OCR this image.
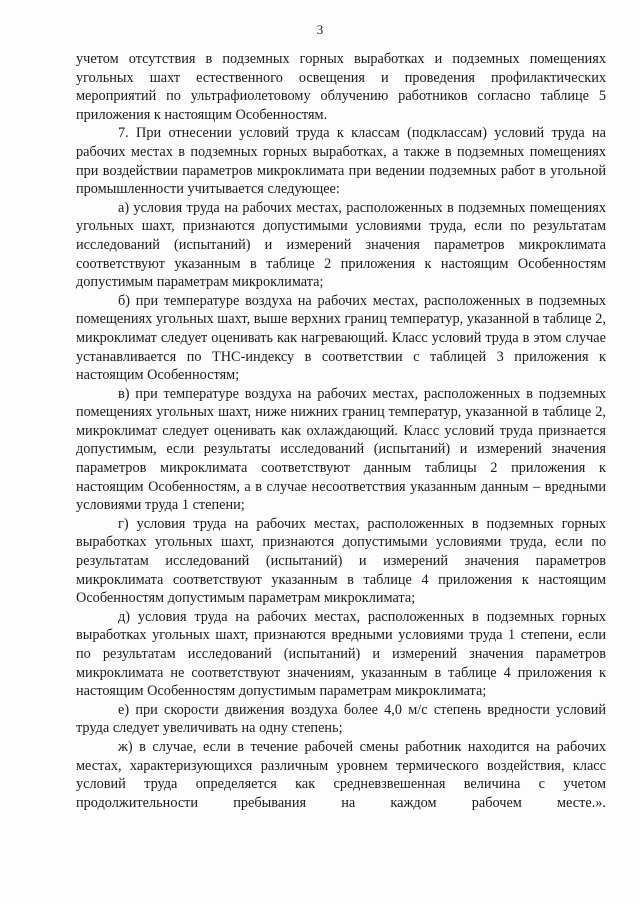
3

учетом отсутствия в подземных горных выработках и подземных помещениях угольных шахт естественного освещения и проведения профилактических мероприятий по ультрафиолетовому облучению работников согласно таблице 5 приложения к настоящим Особенностям.

7. При отнесении условий труда к классам (подклассам) условий труда на рабочих местах в подземных горных выработках, а также в подземных помещениях при воздействии параметров микроклимата при ведении подземных работ в угольной промышленности учитывается следующее:

а) условия труда на рабочих местах, расположенных в подземных помещениях угольных шахт, признаются допустимыми условиями труда, если по результатам исследований (испытаний) и измерений значения параметров микроклимата соответствуют указанным в таблице 2 приложения к настоящим Особенностям допустимым параметрам микроклимата;

б) при температуре воздуха на рабочих местах, расположенных в подземных помещениях угольных шахт, выше верхних границ температур, указанной в таблице 2, микроклимат следует оценивать как нагревающий. Класс условий труда в этом случае устанавливается по ТНС-индексу в соответствии с таблицей 3 приложения к настоящим Особенностям;

в) при температуре воздуха на рабочих местах, расположенных в подземных помещениях угольных шахт, ниже нижних границ температур, указанной в таблице 2, микроклимат следует оценивать как охлаждающий. Класс условий труда признается допустимым, если результаты исследований (испытаний) и измерений значения параметров микроклимата соответствуют данным таблицы 2 приложения к настоящим Особенностям, а в случае несоответствия указанным данным – вредными условиями труда 1 степени;

г) условия труда на рабочих местах, расположенных в подземных горных выработках угольных шахт, признаются допустимыми условиями труда, если по результатам исследований (испытаний) и измерений значения параметров микроклимата соответствуют указанным в таблице 4 приложения к настоящим Особенностям допустимым параметрам микроклимата;

д) условия труда на рабочих местах, расположенных в подземных горных выработках угольных шахт, признаются вредными условиями труда 1 степени, если по результатам исследований (испытаний) и измерений значения параметров микроклимата не соответствуют значениям, указанным в таблице 4 приложения к настоящим Особенностям допустимым параметрам микроклимата;

е) при скорости движения воздуха более 4,0 м/с степень вредности условий труда следует увеличивать на одну степень;

ж) в случае, если в течение рабочей смены работник находится на рабочих местах, характеризующихся различным уровнем термического воздействия, класс условий труда определяется как средневзвешенная величина с учетом продолжительности пребывания на каждом рабочем месте.».
